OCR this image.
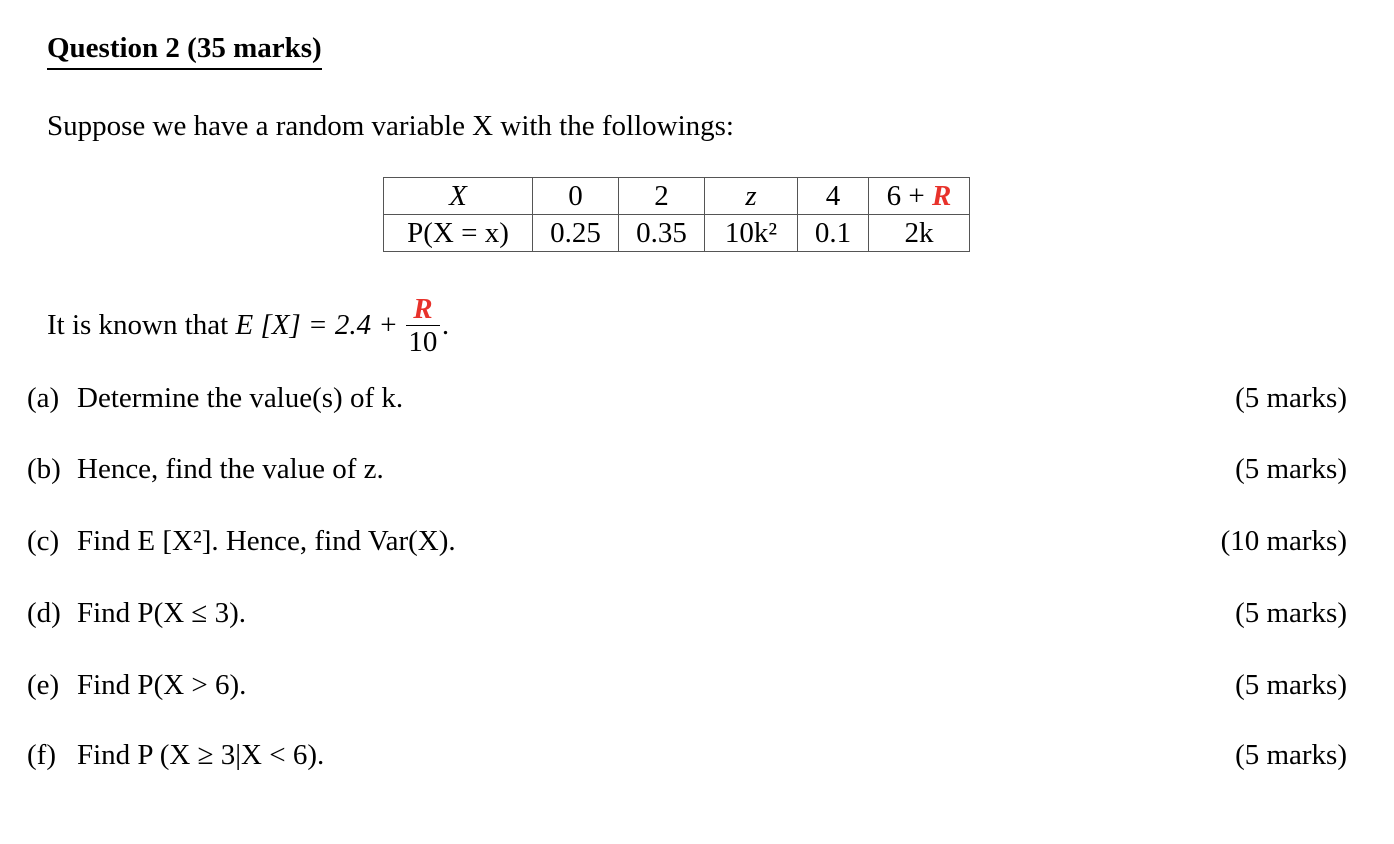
Question 2 (35 marks)
Suppose we have a random variable X with the followings:
X	0	2	z	4	6 + R
P(X = x)	0.25	0.35	10k²	0.1	2k
It is known that
E $[X] = 2.4 + \frac{R}{10}$ .
(a) Determine the value(s) of k.	(5 marks)
(b) Hence, find the value of z.	(5 marks)
(c) Find E [X²]. Hence, find Var(X).	(10 marks)
(d) Find P(X ≤ 3).	(5 marks)
(e) Find P(X > 6).	(5 marks)
(f) Find P (X ≥ 3|X < 6).	(5 marks)
